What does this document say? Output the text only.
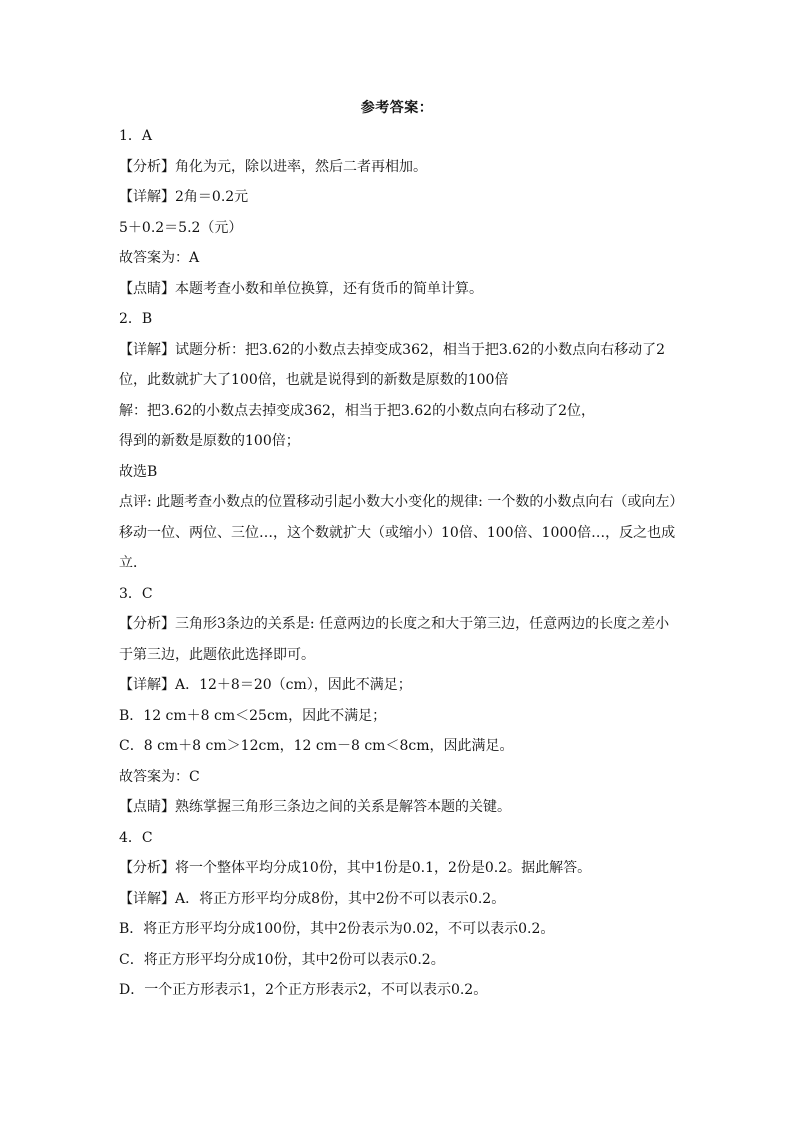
参考答案：
1．A
【分析】角化为元，除以进率，然后二者再相加。
【详解】2角＝0.2元
5＋0.2＝5.2（元）
故答案为：A
【点睛】本题考查小数和单位换算，还有货币的简单计算。
2．B
【详解】试题分析：把3.62的小数点去掉变成362，相当于把3.62的小数点向右移动了2
位，此数就扩大了100倍，也就是说得到的新数是原数的100倍
解：把3.62的小数点去掉变成362，相当于把3.62的小数点向右移动了2位，
得到的新数是原数的100倍；
故选B
点评: 此题考查小数点的位置移动引起小数大小变化的规律: 一个数的小数点向右（或向左）
移动一位、两位、三位…，这个数就扩大（或缩小）10倍、100倍、1000倍…，反之也成
立．
3．C
【分析】三角形3条边的关系是: 任意两边的长度之和大于第三边，任意两边的长度之差小
于第三边，此题依此选择即可。
【详解】A．12＋8＝20（cm），因此不满足；
B．12 cm＋8 cm＜25cm，因此不满足；
C．8 cm＋8 cm＞12cm，12 cm－8 cm＜8cm，因此满足。
故答案为：C
【点睛】熟练掌握三角形三条边之间的关系是解答本题的关键。
4．C
【分析】将一个整体平均分成10份，其中1份是0.1，2份是0.2。据此解答。
【详解】A．将正方形平均分成8份，其中2份不可以表示0.2。
B．将正方形平均分成100份，其中2份表示为0.02，不可以表示0.2。
C．将正方形平均分成10份，其中2份可以表示0.2。
D．一个正方形表示1，2个正方形表示2，不可以表示0.2。
